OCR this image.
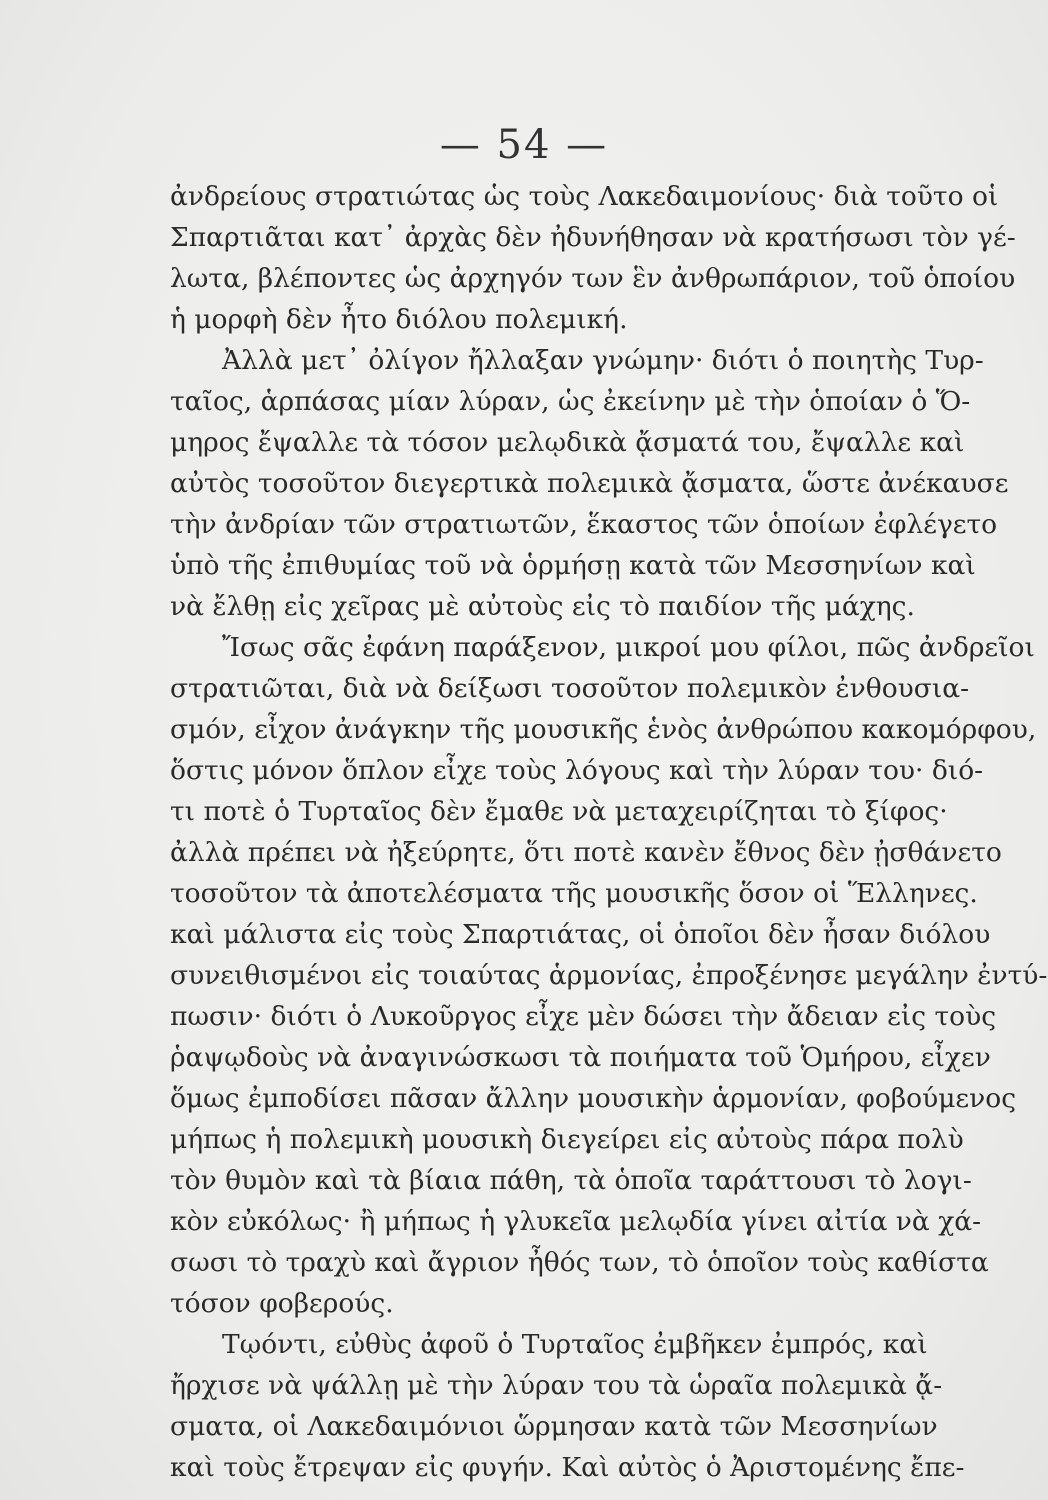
— 54 —
ἀνδρείους στρατιώτας ὡς τοὺς Λακεδαιμονίους· διὰ τοῦτο οἱ
Σπαρτιᾶται κατ᾿ ἀρχὰς δὲν ἠδυνήθησαν νὰ κρατήσωσι τὸν γέ-
λωτα, βλέποντες ὡς ἀρχηγόν των ἓν ἀνθρωπάριον, τοῦ ὁποίου
ἡ μορφὴ δὲν ἦτο διόλου πολεμική.
Ἀλλὰ μετ᾿ ὀλίγον ἤλλαξαν γνώμην· διότι ὁ ποιητὴς Τυρ-
ταῖος, ἁρπάσας μίαν λύραν, ὡς ἐκείνην μὲ τὴν ὁποίαν ὁ Ὅ-
μηρος ἔψαλλε τὰ τόσον μελῳδικὰ ᾄσματά του, ἔψαλλε καὶ
αὐτὸς τοσοῦτον διεγερτικὰ πολεμικὰ ᾄσματα, ὥστε ἀνέκαυσε
τὴν ἀνδρίαν τῶν στρατιωτῶν, ἕκαστος τῶν ὁποίων ἐφλέγετο
ὑπὸ τῆς ἐπιθυμίας τοῦ νὰ ὁρμήσῃ κατὰ τῶν Μεσσηνίων καὶ
νὰ ἔλθῃ εἰς χεῖρας μὲ αὐτοὺς εἰς τὸ παιδίον τῆς μάχης.
Ἴσως σᾶς ἐφάνη παράξενον, μικροί μου φίλοι, πῶς ἀνδρεῖοι
στρατιῶται, διὰ νὰ δείξωσι τοσοῦτον πολεμικὸν ἐνθουσια-
σμόν, εἶχον ἀνάγκην τῆς μουσικῆς ἑνὸς ἀνθρώπου κακομόρφου,
ὅστις μόνον ὅπλον εἶχε τοὺς λόγους καὶ τὴν λύραν του· διό-
τι ποτὲ ὁ Τυρταῖος δὲν ἔμαθε νὰ μεταχειρίζηται τὸ ξίφος·
ἀλλὰ πρέπει νὰ ἠξεύρητε, ὅτι ποτὲ κανὲν ἔθνος δὲν ᾐσθάνετο
τοσοῦτον τὰ ἀποτελέσματα τῆς μουσικῆς ὅσον οἱ Ἕλληνες.
καὶ μάλιστα εἰς τοὺς Σπαρτιάτας, οἱ ὁποῖοι δὲν ἦσαν διόλου
συνειθισμένοι εἰς τοιαύτας ἁρμονίας, ἐπροξένησε μεγάλην ἐντύ-
πωσιν· διότι ὁ Λυκοῦργος εἶχε μὲν δώσει τὴν ἄδειαν εἰς τοὺς
ῥαψῳδοὺς νὰ ἀναγινώσκωσι τὰ ποιήματα τοῦ Ὁμήρου, εἶχεν
ὅμως ἐμποδίσει πᾶσαν ἄλλην μουσικὴν ἁρμονίαν, φοβούμενος
μήπως ἡ πολεμικὴ μουσικὴ διεγείρει εἰς αὐτοὺς πάρα πολὺ
τὸν θυμὸν καὶ τὰ βίαια πάθη, τὰ ὁποῖα ταράττουσι τὸ λογι-
κὸν εὐκόλως· ἢ μήπως ἡ γλυκεῖα μελῳδία γίνει αἰτία νὰ χά-
σωσι τὸ τραχὺ καὶ ἄγριον ἦθός των, τὸ ὁποῖον τοὺς καθίστα
τόσον φοβερούς.
Τῳόντι, εὐθὺς ἀφοῦ ὁ Τυρταῖος ἐμβῆκεν ἐμπρός, καὶ
ἤρχισε νὰ ψάλλῃ μὲ τὴν λύραν του τὰ ὡραῖα πολεμικὰ ᾄ-
σματα, οἱ Λακεδαιμόνιοι ὥρμησαν κατὰ τῶν Μεσσηνίων
καὶ τοὺς ἔτρεψαν εἰς φυγήν. Καὶ αὐτὸς ὁ Ἀριστομένης ἔπε-
